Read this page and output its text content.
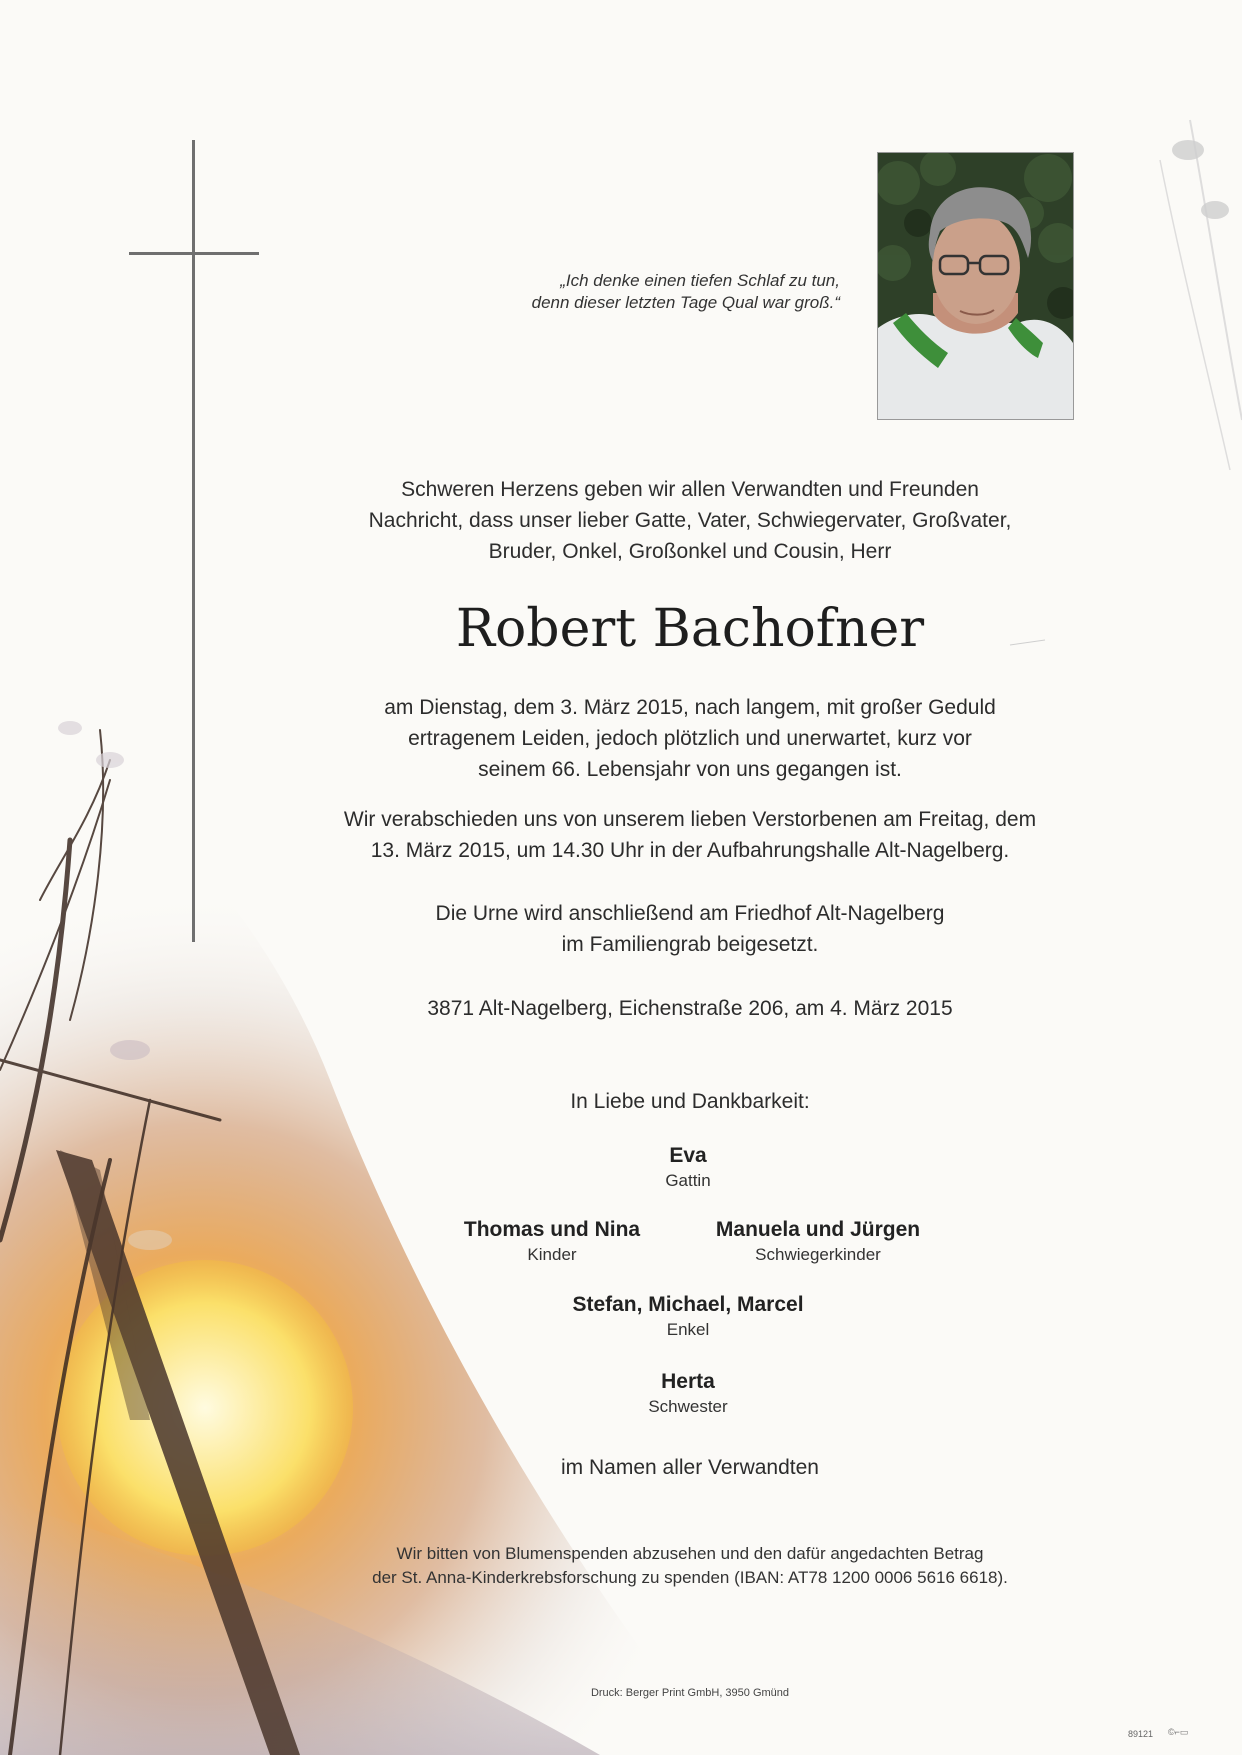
„Ich denke einen tiefen Schlaf zu tun,
denn dieser letzten Tage Qual war groß.“
Schweren Herzens geben wir allen Verwandten und Freunden
Nachricht, dass unser lieber Gatte, Vater, Schwiegervater, Großvater,
Bruder, Onkel, Großonkel und Cousin, Herr
Robert Bachofner
am Dienstag, dem 3. März 2015, nach langem, mit großer Geduld
ertragenem Leiden, jedoch plötzlich und unerwartet, kurz vor
seinem 66. Lebensjahr von uns gegangen ist.
Wir verabschieden uns von unserem lieben Verstorbenen am Freitag, dem
13. März 2015, um 14.30 Uhr in der Aufbahrungshalle Alt-Nagelberg.
Die Urne wird anschließend am Friedhof Alt-Nagelberg
im Familiengrab beigesetzt.
3871 Alt-Nagelberg, Eichenstraße 206, am 4. März 2015
In Liebe und Dankbarkeit:
Eva
Gattin
Thomas und Nina
Kinder
Manuela und Jürgen
Schwiegerkinder
Stefan, Michael, Marcel
Enkel
Herta
Schwester
im Namen aller Verwandten
Wir bitten von Blumenspenden abzusehen und den dafür angedachten Betrag
der St. Anna-Kinderkrebsforschung zu spenden (IBAN: AT78 1200 0006 5616 6618).
Druck: Berger Print GmbH, 3950 Gmünd
89121 ©⌐▭
